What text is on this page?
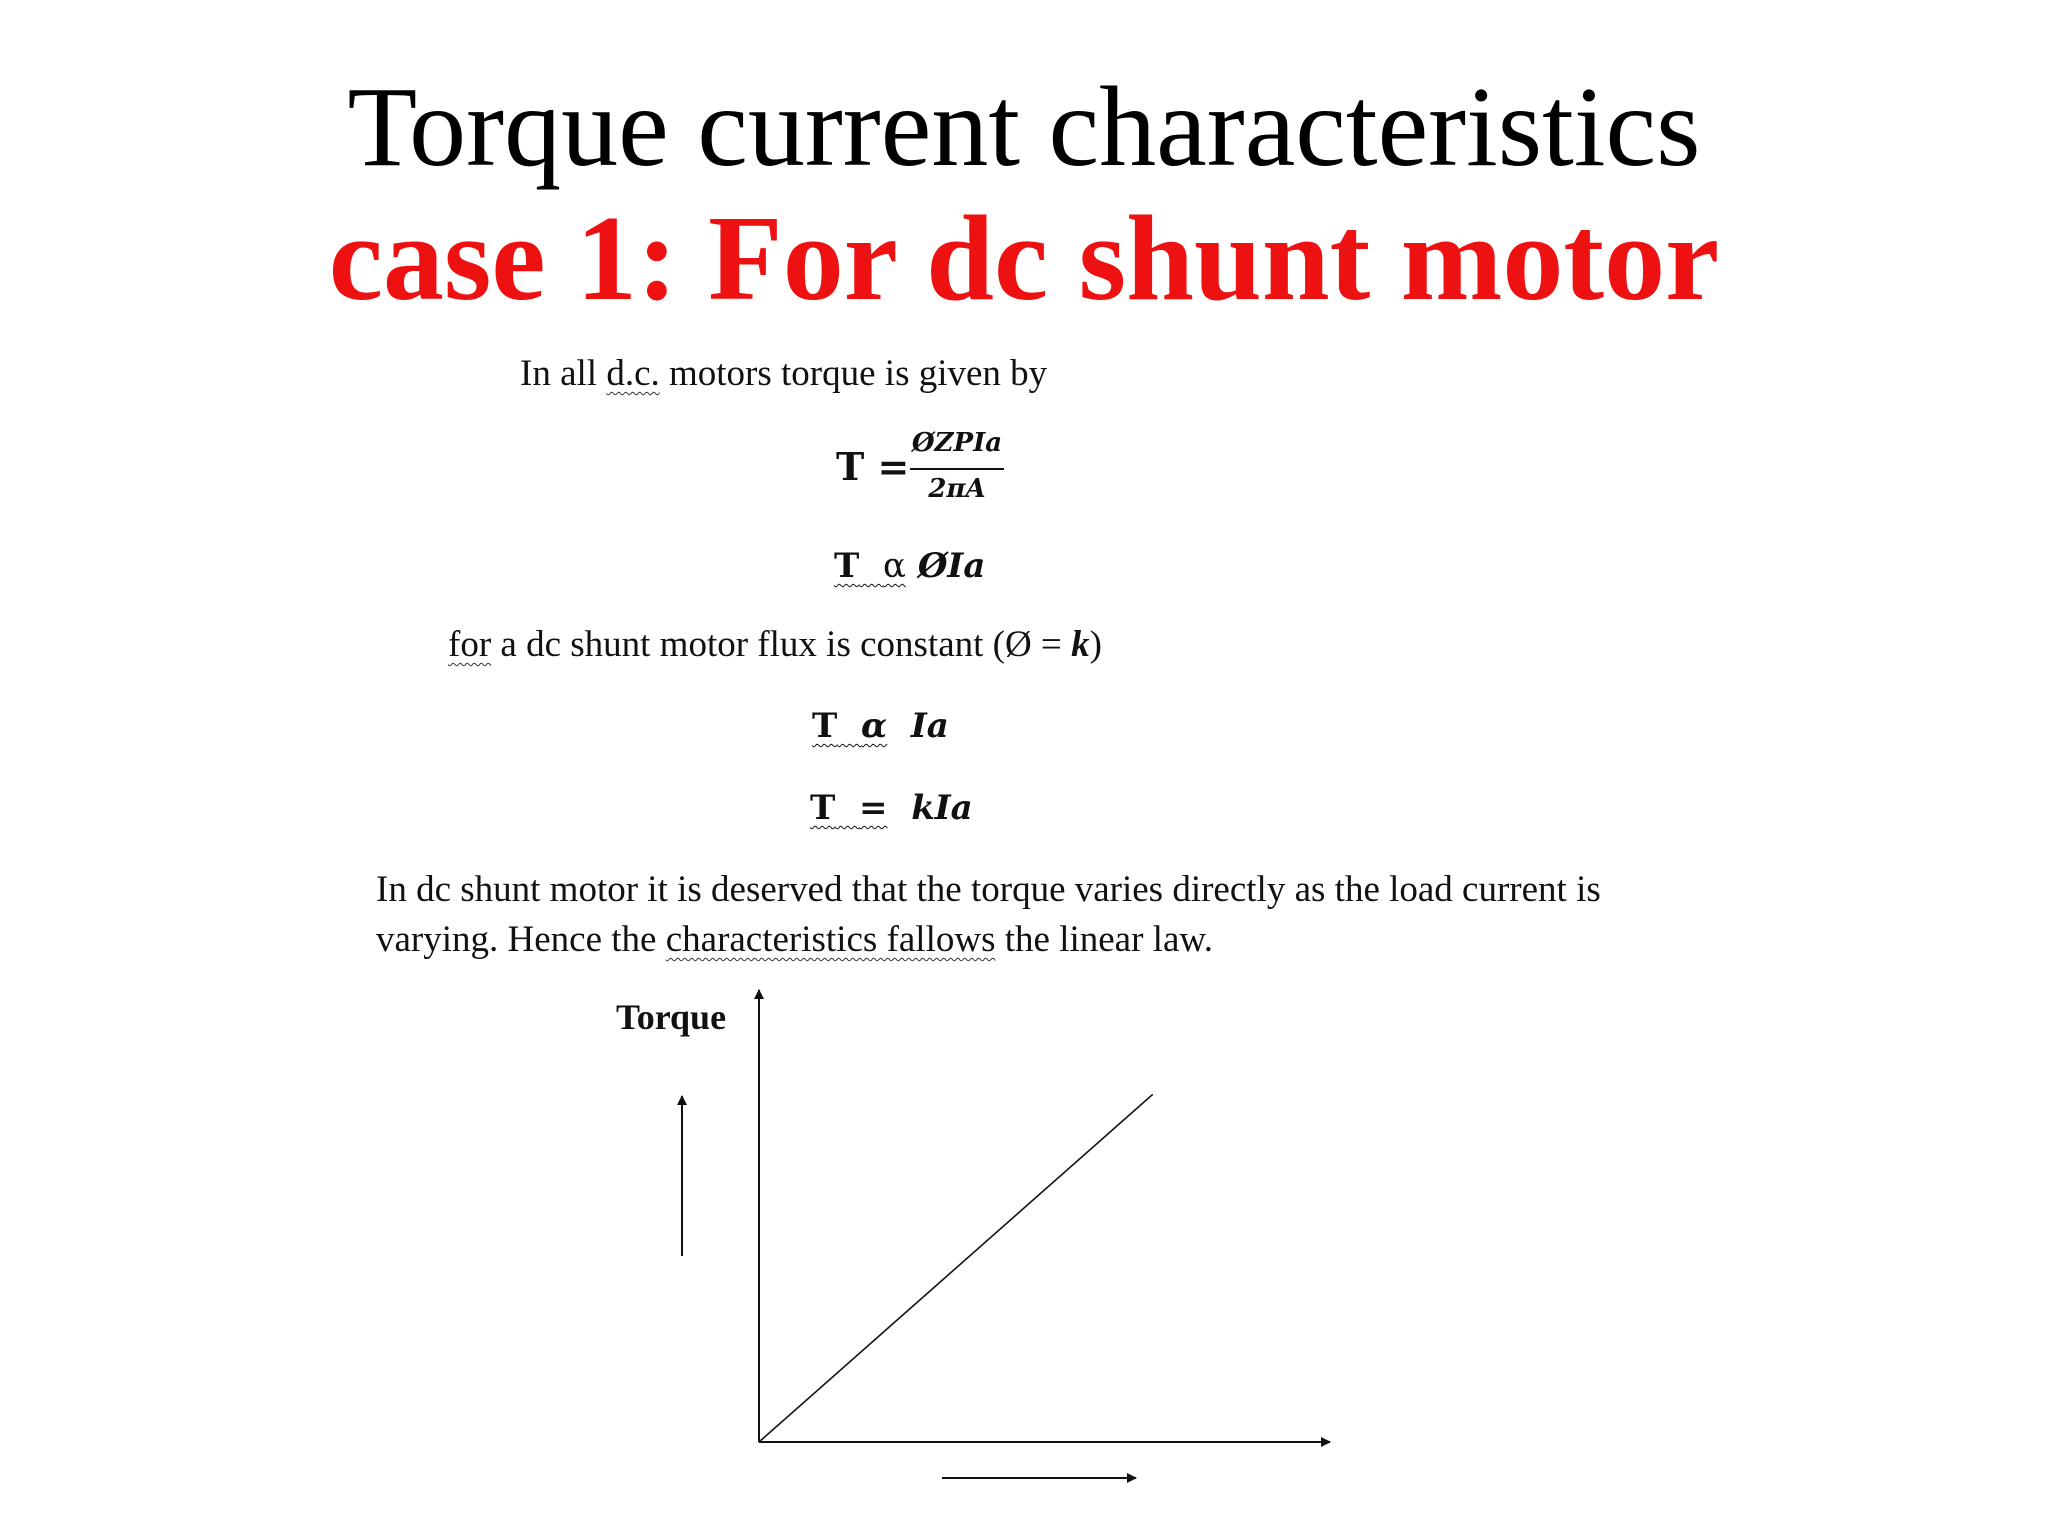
Torque current characteristics
case 1: For dc shunt motor
In all d.c. motors torque is given by
T =
ØZPIa
2πA
T α ØIa
for a dc shunt motor flux is constant (Ø = k)
T α Ia
T = kIa
In dc shunt motor it is deserved that the torque varies directly as the load current is
varying. Hence the characteristics fallows the linear law.
Torque
